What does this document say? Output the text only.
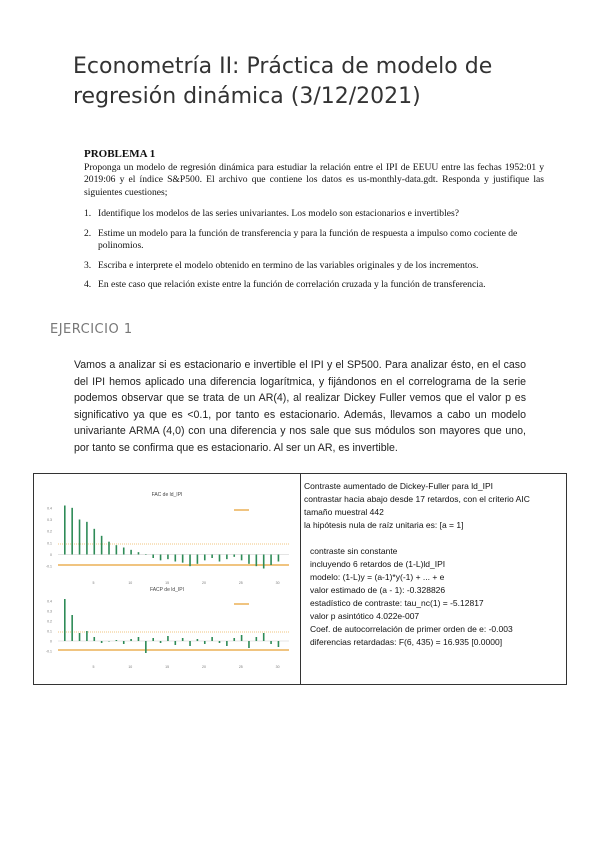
Econometría II: Práctica de modelo de regresión dinámica (3/12/2021)
PROBLEMA 1

Proponga un modelo de regresión dinámica para estudiar la relación entre el IPI de EEUU entre las fechas 1952:01 y 2019:06 y el índice S&P500. El archivo que contiene los datos es us-monthly-data.gdt. Responda y justifique las siguientes cuestiones;

1. Identifique los modelos de las series univariantes. Los modelo son estacionarios e invertibles?
2. Estime un modelo para la función de transferencia y para la función de respuesta a impulso como cociente de polinomios.
3. Escriba e interprete el modelo obtenido en termino de las variables originales y de los incrementos.
4. En este caso que relación existe entre la función de correlación cruzada y la función de transferencia.
EJERCICIO 1
Vamos a analizar si es estacionario e invertible el IPI y el SP500. Para analizar ésto, en el caso del IPI hemos aplicado una diferencia logarítmica, y fijándonos en el correlograma de la serie podemos observar que se trata de un AR(4), al realizar Dickey Fuller vemos que el valor p es significativo ya que es <0.1, por tanto es estacionario. Además, llevamos a cabo un modelo univariante ARMA (4,0) con una diferencia y nos sale que sus módulos son mayores que uno, por tanto se confirma que es estacionario. Al ser un AR, es invertible.
FAC de ld_IPI
FACP de ld_IPI
0.4
0.3
0.2
0.1
0
-0.1
5	10	15	20	25	30
0.4
0.3
0.2
0.1
0
-0.1
5	10	15	20	25	30
Contraste aumentado de Dickey-Fuller para ld_IPI
contrastar hacia abajo desde 17 retardos, con el criterio AIC
tamaño muestral 442
la hipótesis nula de raíz unitaria es: [a = 1]
contraste sin constante
incluyendo 6 retardos de (1-L)ld_IPI
modelo: (1-L)y = (a-1)*y(-1) + ... + e
valor estimado de (a - 1): -0.328826
estadístico de contraste: tau_nc(1) = -5.12817
valor p asintótico 4.022e-007
Coef. de autocorrelación de primer orden de e: -0.003
diferencias retardadas: F(6, 435) = 16.935 [0.0000]
